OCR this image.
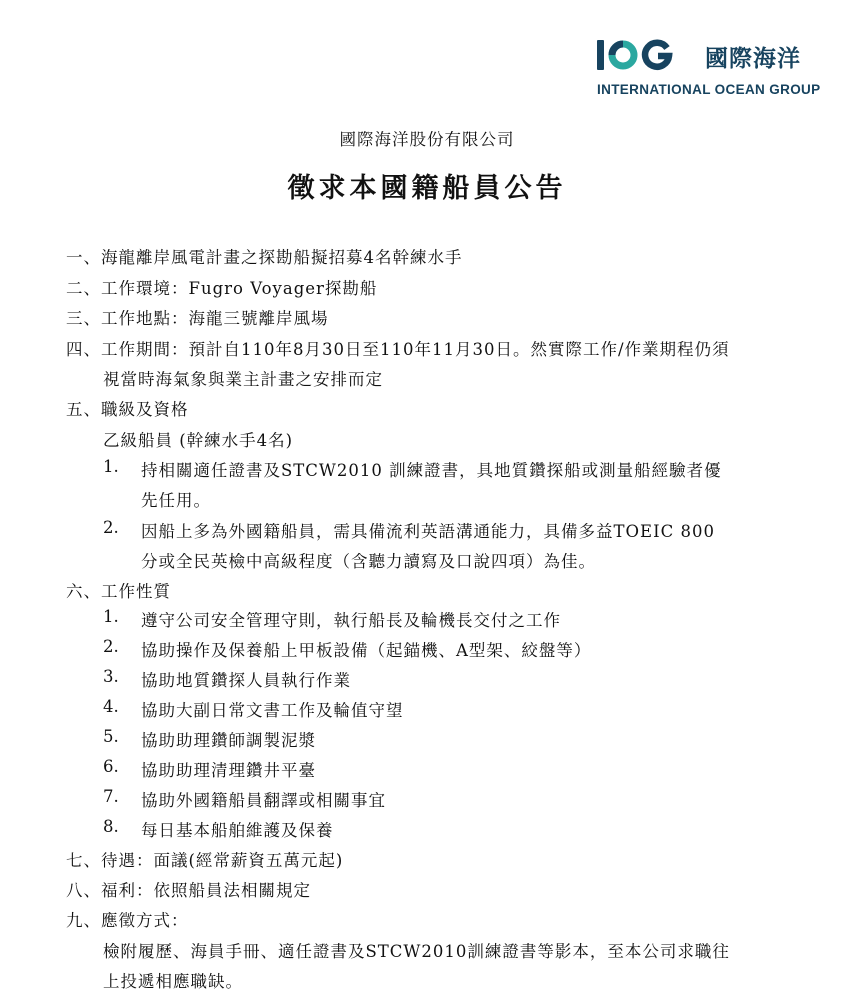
國際海洋
INTERNATIONAL OCEAN GROUP
國際海洋股份有限公司
徵求本國籍船員公告
一、海龍離岸風電計畫之探勘船擬招募4名幹練水手
二、工作環境：Fugro Voyager探勘船
三、工作地點：海龍三號離岸風場
四、工作期間：預計自110年8月30日至110年11月30日。然實際工作/作業期程仍須
視當時海氣象與業主計畫之安排而定
五、職級及資格
乙級船員 (幹練水手4名)
1. 持相關適任證書及STCW2010 訓練證書，具地質鑽探船或測量船經驗者優
先任用。
2. 因船上多為外國籍船員，需具備流利英語溝通能力，具備多益TOEIC 800
分或全民英檢中高級程度（含聽力讀寫及口說四項）為佳。
六、工作性質
1. 遵守公司安全管理守則，執行船長及輪機長交付之工作
2. 協助操作及保養船上甲板設備（起錨機、A型架、絞盤等）
3. 協助地質鑽探人員執行作業
4. 協助大副日常文書工作及輪值守望
5. 協助助理鑽師調製泥漿
6. 協助助理清理鑽井平臺
7. 協助外國籍船員翻譯或相關事宜
8. 每日基本船舶維護及保養
七、待遇：面議(經常薪資五萬元起)
八、福利：依照船員法相關規定
九、應徵方式：
檢附履歷、海員手冊、適任證書及STCW2010訓練證書等影本，至本公司求職往
上投遞相應職缺。
